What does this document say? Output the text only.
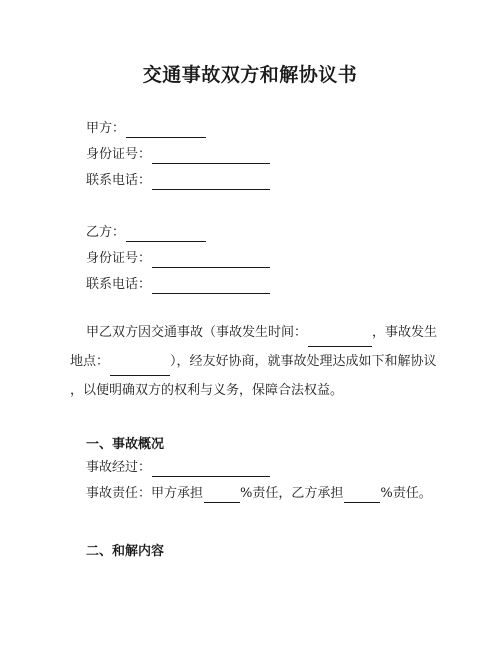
交通事故双方和解协议书
甲方：
身份证号：
联系电话：
乙方：
身份证号：
联系电话：
甲乙双方因交通事故（事故发生时间：	，事故发生
地点：	），经友好协商，就事故处理达成如下和解协议
，以便明确双方的权利与义务，保障合法权益。
一、事故概况
事故经过：
事故责任：甲方承担	%责任，乙方承担	%责任。
二、和解内容
